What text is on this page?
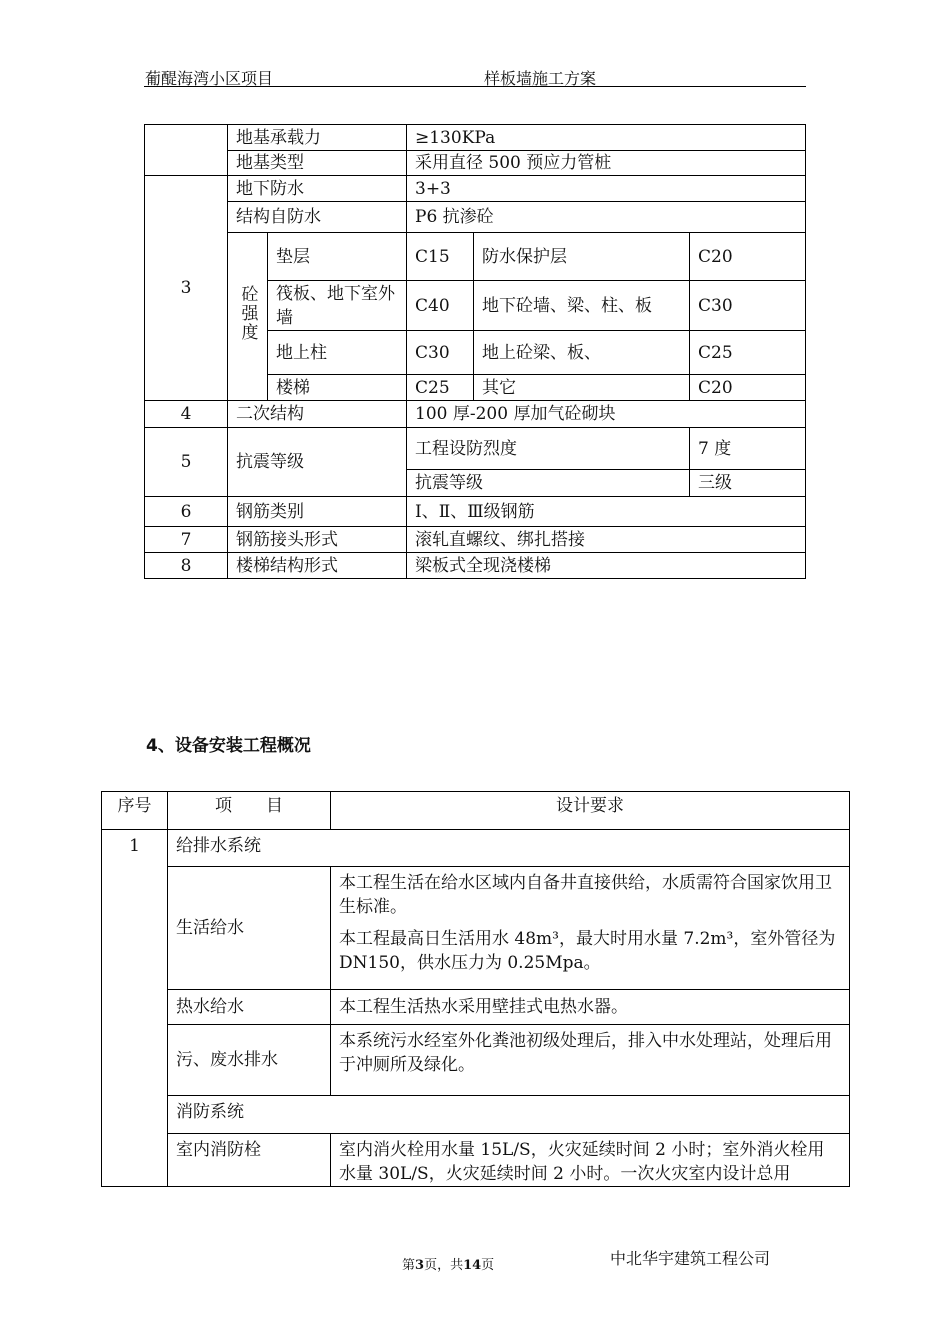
葡醍海湾小区项目	样板墙施工方案
	地基承载力		≥130KPa		
	地基类型		采用直径 500 预应力管桩		
3	地下防水		3+3		
	结构自防水		P6 抗渗砼		
	砼强度	垫层	C15	防水保护层	C20
		筏板、地下室外墙	C40	地下砼墙、梁、柱、板	C30
		地上柱	C30	地上砼梁、板、	C25
		楼梯	C25	其它	C20
4	二次结构		100 厚-200 厚加气砼砌块		
5	抗震等级		工程设防烈度		7 度
			抗震等级		三级
6	钢筋类别		Ⅰ、Ⅱ、Ⅲ级钢筋		
7	钢筋接头形式		滚轧直螺纹、绑扎搭接		
8	楼梯结构形式		梁板式全现浇楼梯		
4、设备安装工程概况
序号	项　　目	设计要求
1	给排水系统	
	生活给水	本工程生活在给水区域内自备井直接供给，水质需符合国家饮用卫生标准。

本工程最高日生活用水 48m³，最大时用水量 7.2m³，室外管径为 DN150，供水压力为 0.25Mpa。

	热水给水	本工程生活热水采用壁挂式电热水器。
	污、废水排水	本系统污水经室外化粪池初级处理后，排入中水处理站，处理后用于冲厕所及绿化。
	消防系统	
	室内消防栓	室内消火栓用水量 15L/S，火灾延续时间 2 小时；室外消火栓用水量 30L/S，火灾延续时间 2 小时。一次火灾室内设计总用
第3页，共14页	中北华宇建筑工程公司
